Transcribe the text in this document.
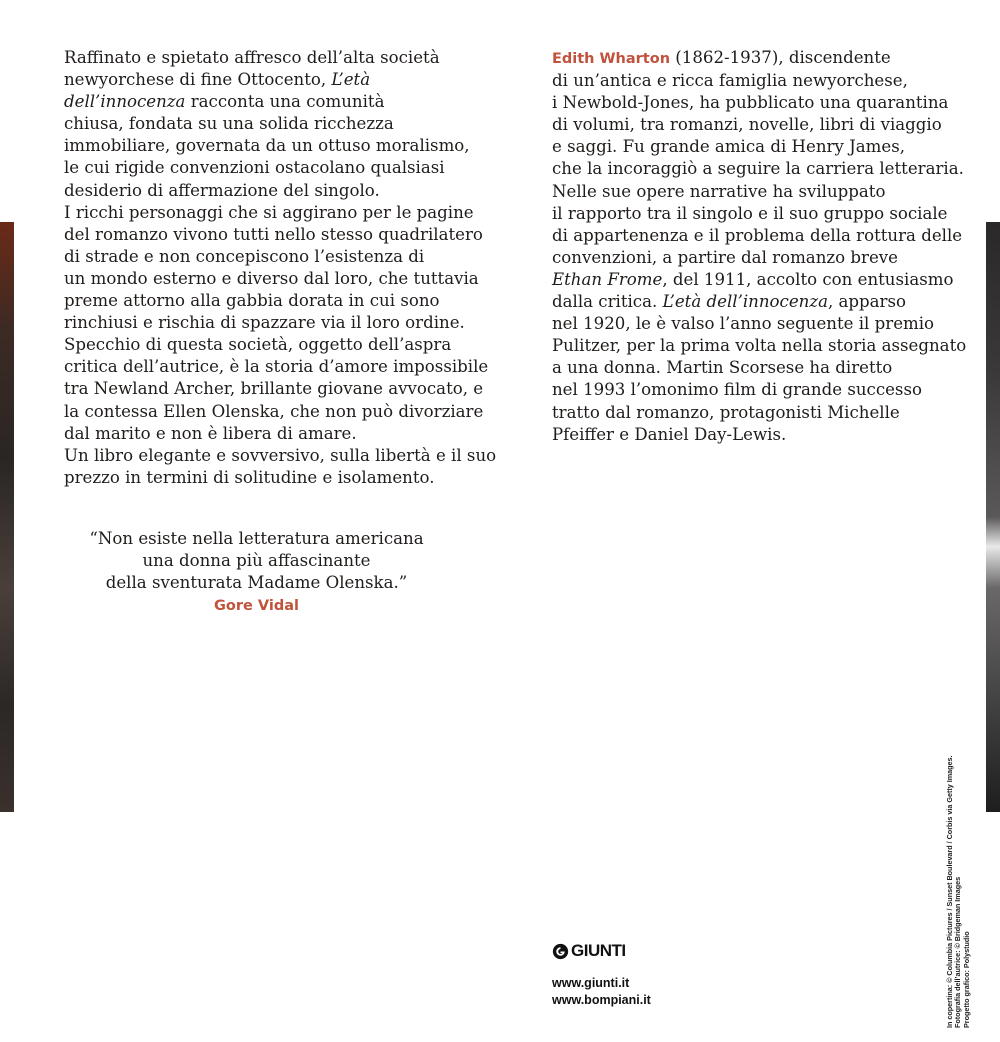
Raffinato e spietato affresco dell’alta società
newyorchese di fine Ottocento, L’età
dell’innocenza racconta una comunità
chiusa, fondata su una solida ricchezza
immobiliare, governata da un ottuso moralismo,
le cui rigide convenzioni ostacolano qualsiasi
desiderio di affermazione del singolo.
I ricchi personaggi che si aggirano per le pagine
del romanzo vivono tutti nello stesso quadrilatero
di strade e non concepiscono l’esistenza di
un mondo esterno e diverso dal loro, che tuttavia
preme attorno alla gabbia dorata in cui sono
rinchiusi e rischia di spazzare via il loro ordine.
Specchio di questa società, oggetto dell’aspra
critica dell’autrice, è la storia d’amore impossibile
tra Newland Archer, brillante giovane avvocato, e
la contessa Ellen Olenska, che non può divorziare
dal marito e non è libera di amare.
Un libro elegante e sovversivo, sulla libertà e il suo
prezzo in termini di solitudine e isolamento.
“Non esiste nella letteratura americana
una donna più affascinante
della sventurata Madame Olenska.”
Gore Vidal
Edith Wharton (1862-1937), discendente
di un’antica e ricca famiglia newyorchese,
i Newbold-Jones, ha pubblicato una quarantina
di volumi, tra romanzi, novelle, libri di viaggio
e saggi. Fu grande amica di Henry James,
che la incoraggiò a seguire la carriera letteraria.
Nelle sue opere narrative ha sviluppato
il rapporto tra il singolo e il suo gruppo sociale
di appartenenza e il problema della rottura delle
convenzioni, a partire dal romanzo breve
Ethan Frome, del 1911, accolto con entusiasmo
dalla critica. L’età dell’innocenza, apparso
nel 1920, le è valso l’anno seguente il premio
Pulitzer, per la prima volta nella storia assegnato
a una donna. Martin Scorsese ha diretto
nel 1993 l’omonimo film di grande successo
tratto dal romanzo, protagonisti Michelle
Pfeiffer e Daniel Day-Lewis.
GIUNTI
www.giunti.it
www.bompiani.it	In copertina: © Columbia Pictures / Sunset Boulevard / Corbis via Getty Images. Fotografia dell’autrice: © Bridgeman Images Progetto grafico: Polystudio
